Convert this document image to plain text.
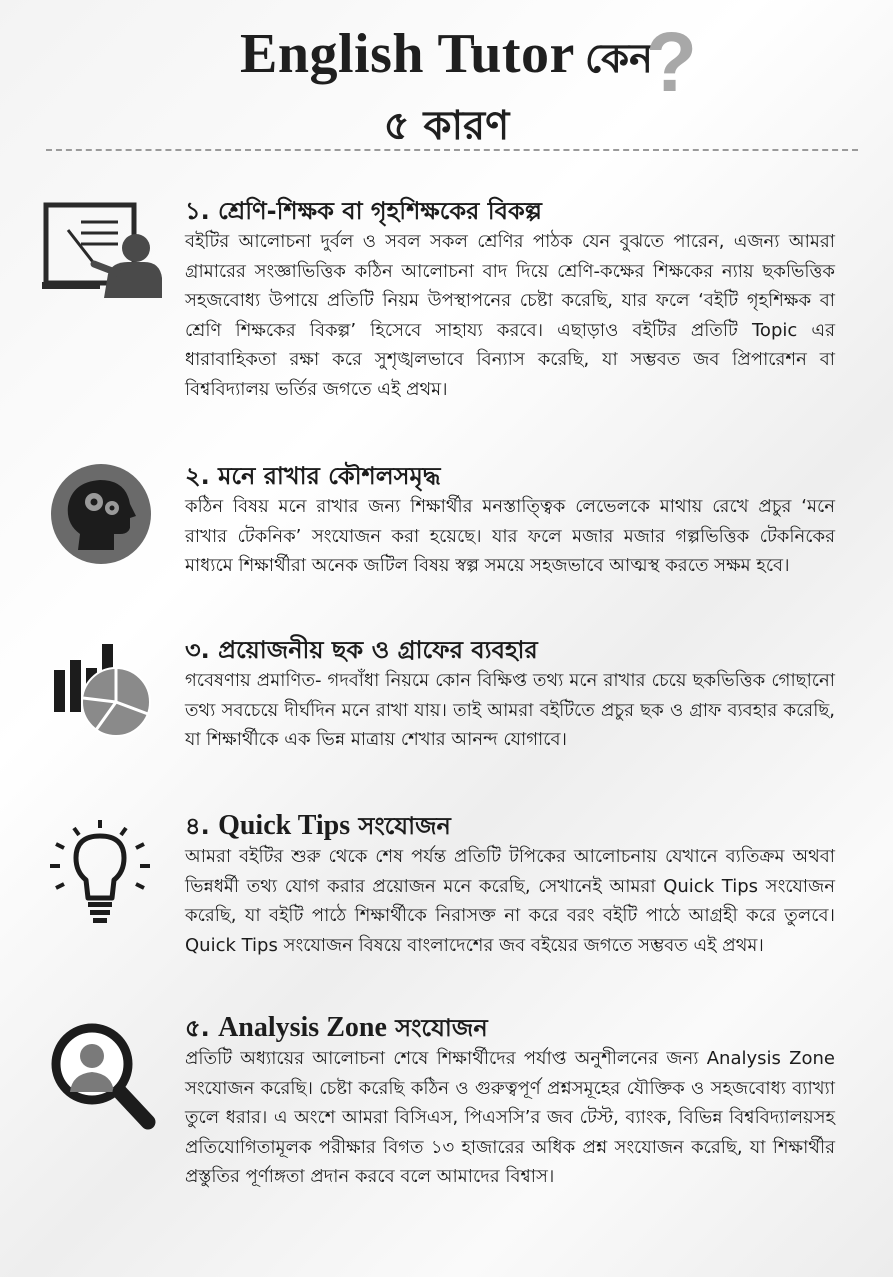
English Tutor কেন
?
৫ কারণ
১. শ্রেণি-শিক্ষক বা গৃহশিক্ষকের বিকল্প

বইটির আলোচনা দুর্বল ও সবল সকল শ্রেণির পাঠক যেন বুঝতে পারেন, এজন্য আমরা গ্রামারের সংজ্ঞাভিত্তিক কঠিন আলোচনা বাদ দিয়ে শ্রেণি-কক্ষের শিক্ষকের ন্যায় ছকভিত্তিক সহজবোধ্য উপায়ে প্রতিটি নিয়ম উপস্থাপনের চেষ্টা করেছি, যার ফলে ‘বইটি গৃহশিক্ষক বা শ্রেণি শিক্ষকের বিকল্প’ হিসেবে সাহায্য করবে। এছাড়াও বইটির প্রতিটি Topic এর ধারাবাহিকতা রক্ষা করে সুশৃঙ্খলভাবে বিন্যাস করেছি, যা সম্ভবত জব প্রিপারেশন বা বিশ্ববিদ্যালয় ভর্তির জগতে এই প্রথম।

২. মনে রাখার কৌশলসমৃদ্ধ

কঠিন বিষয় মনে রাখার জন্য শিক্ষার্থীর মনস্তাত্ত্বিক লেভেলকে মাথায় রেখে প্রচুর ‘মনে রাখার টেকনিক’ সংযোজন করা হয়েছে। যার ফলে মজার মজার গল্পভিত্তিক টেকনিকের মাধ্যমে শিক্ষার্থীরা অনেক জটিল বিষয় স্বল্প সময়ে সহজভাবে আত্মস্থ করতে সক্ষম হবে।

৩. প্রয়োজনীয় ছক ও গ্রাফের ব্যবহার

গবেষণায় প্রমাণিত- গদবাঁধা নিয়মে কোন বিক্ষিপ্ত তথ্য মনে রাখার চেয়ে ছকভিত্তিক গোছানো তথ্য সবচেয়ে দীর্ঘদিন মনে রাখা যায়। তাই আমরা বইটিতে প্রচুর ছক ও গ্রাফ ব্যবহার করেছি, যা শিক্ষার্থীকে এক ভিন্ন মাত্রায় শেখার আনন্দ যোগাবে।

৪. Quick Tips সংযোজন

আমরা বইটির শুরু থেকে শেষ পর্যন্ত প্রতিটি টপিকের আলোচনায় যেখানে ব্যতিক্রম অথবা ভিন্নধর্মী তথ্য যোগ করার প্রয়োজন মনে করেছি, সেখানেই আমরা Quick Tips সংযোজন করেছি, যা বইটি পাঠে শিক্ষার্থীকে নিরাসক্ত না করে বরং বইটি পাঠে আগ্রহী করে তুলবে। Quick Tips সংযোজন বিষয়ে বাংলাদেশের জব বইয়ের জগতে সম্ভবত এই প্রথম।

৫. Analysis Zone সংযোজন

প্রতিটি অধ্যায়ের আলোচনা শেষে শিক্ষার্থীদের পর্যাপ্ত অনুশীলনের জন্য Analysis Zone সংযোজন করেছি। চেষ্টা করেছি কঠিন ও গুরুত্বপূর্ণ প্রশ্নসমূহের যৌক্তিক ও সহজবোধ্য ব্যাখ্যা তুলে ধরার। এ অংশে আমরা বিসিএস, পিএসসি’র জব টেস্ট, ব্যাংক, বিভিন্ন বিশ্ববিদ্যালয়সহ প্রতিযোগিতামূলক পরীক্ষার বিগত ১৩ হাজারের অধিক প্রশ্ন সংযোজন করেছি, যা শিক্ষার্থীর প্রস্তুতির পূর্ণাঙ্গতা প্রদান করবে বলে আমাদের বিশ্বাস।
